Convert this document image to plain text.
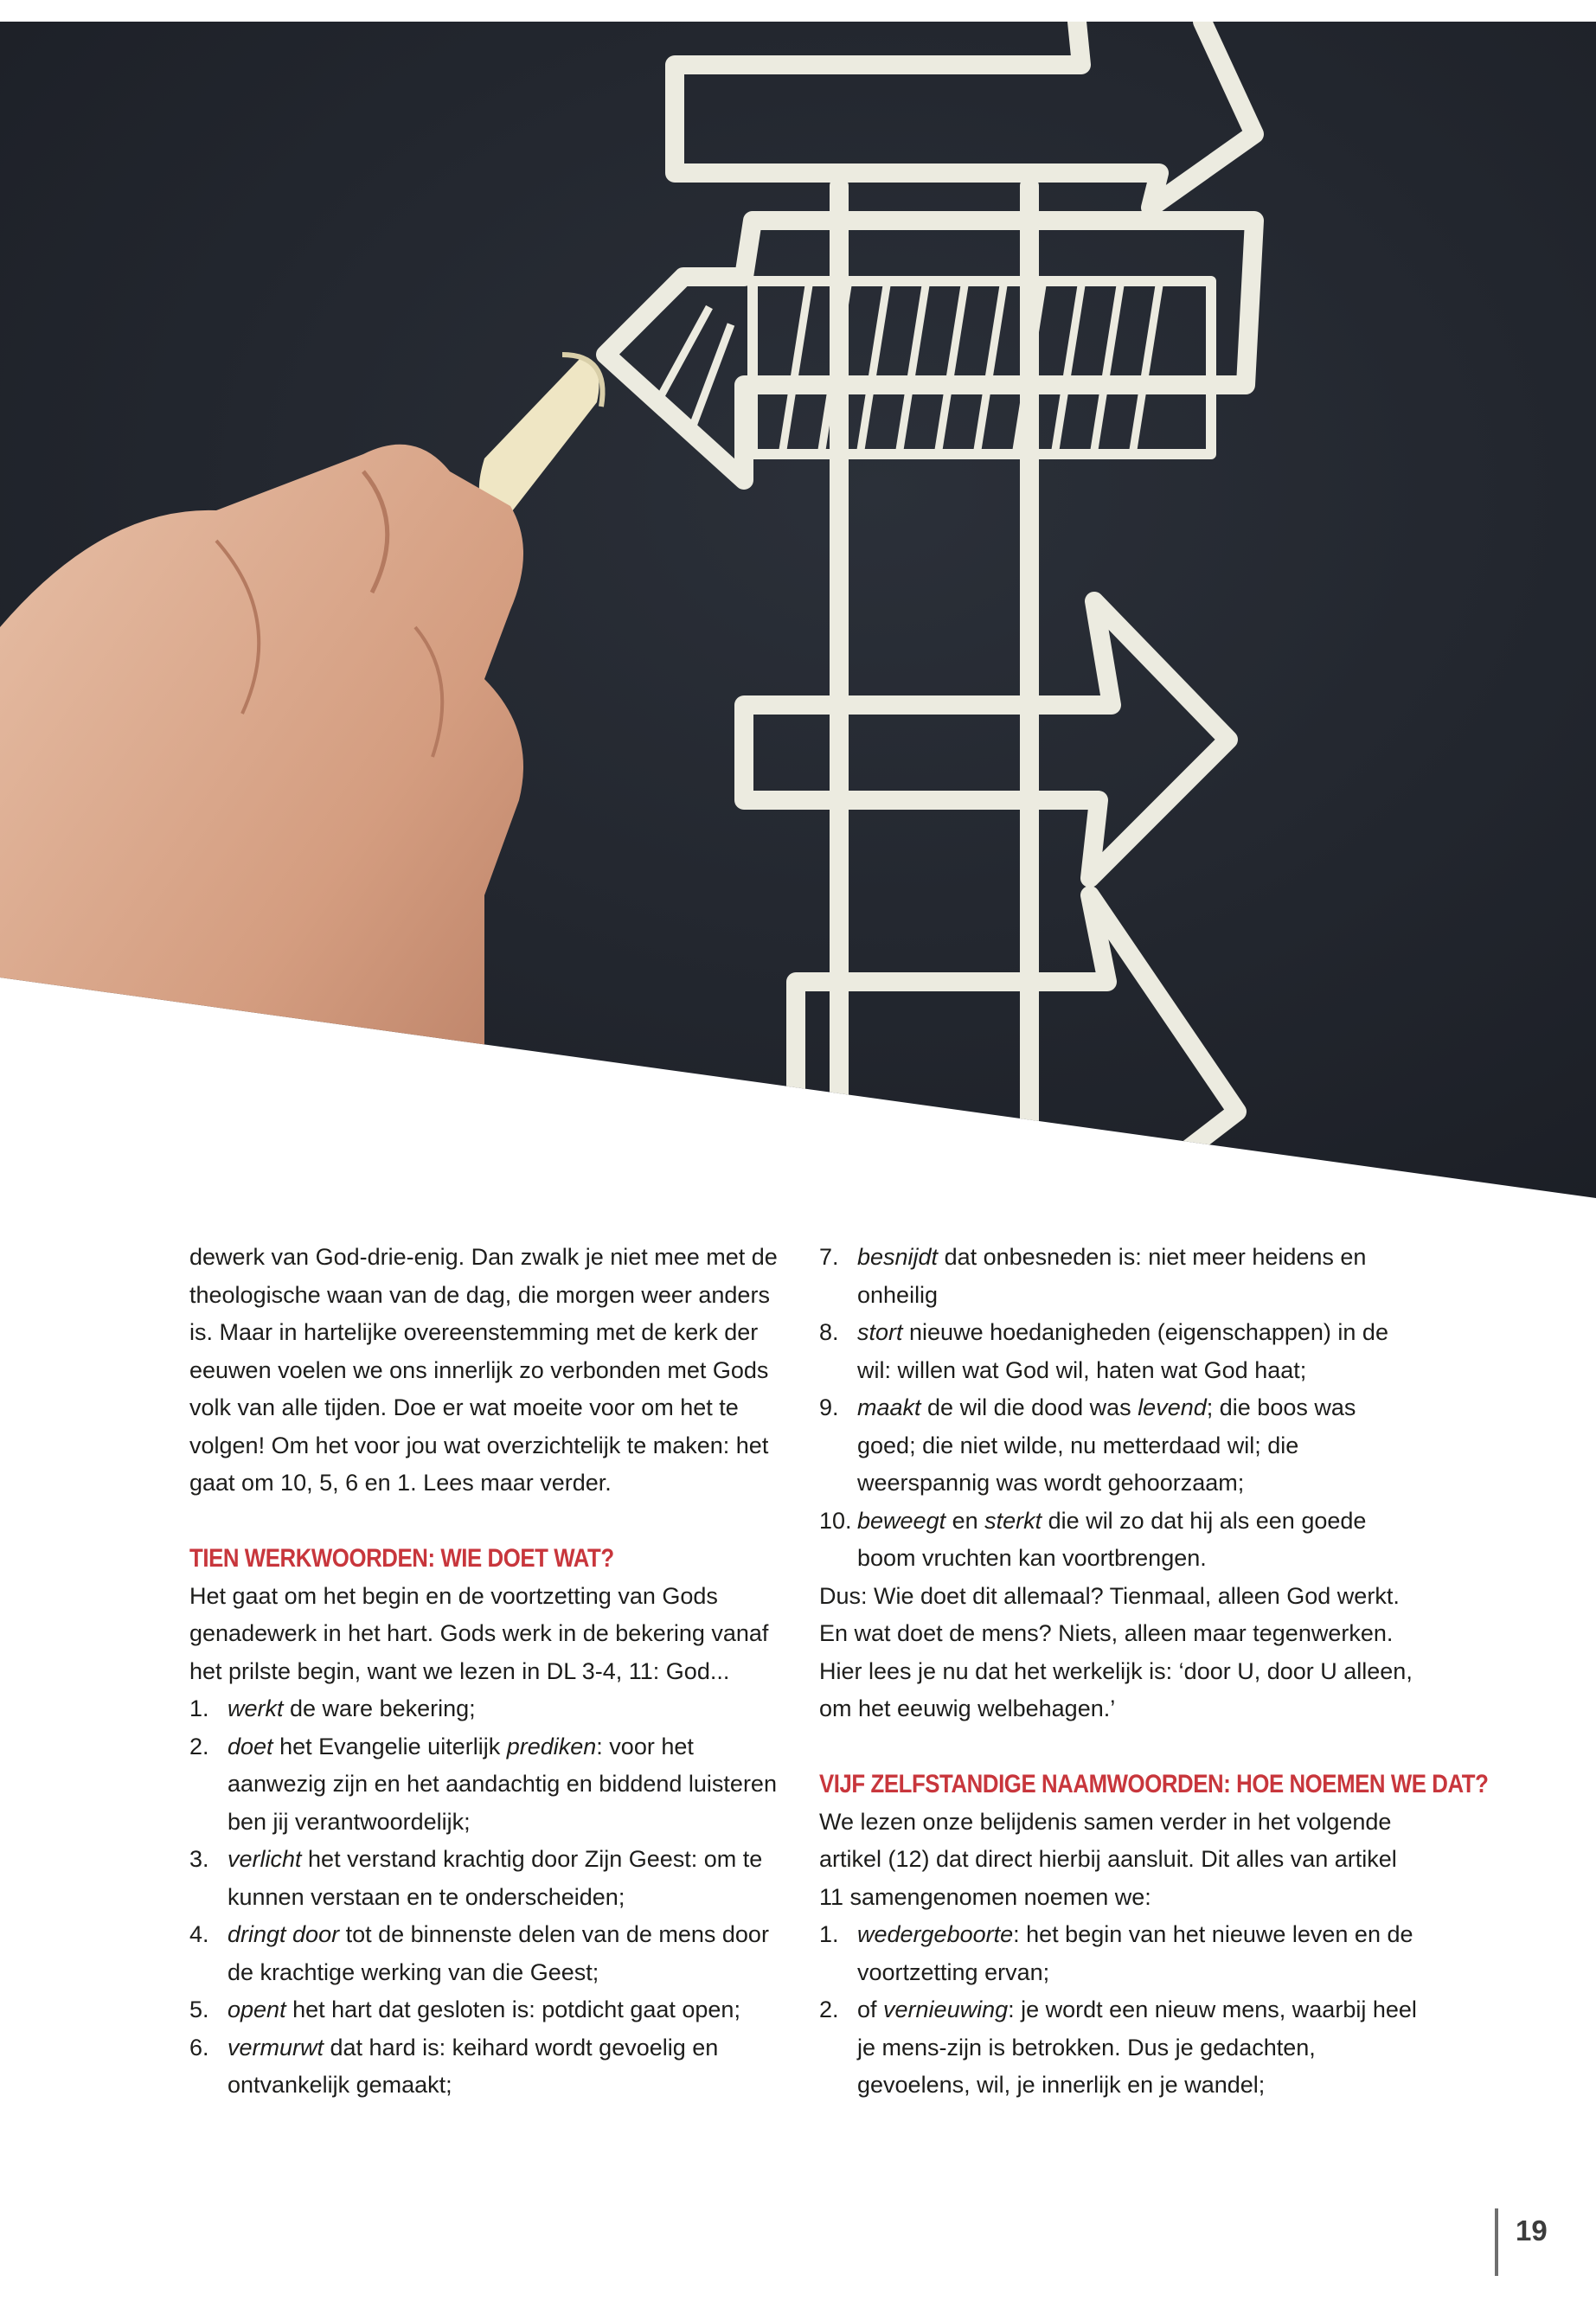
dewerk van God-drie-enig. Dan zwalk je niet mee met de theologische waan van de dag, die morgen weer anders is. Maar in hartelijke overeenstemming met de kerk der eeuwen voelen we ons innerlijk zo verbonden met Gods volk van alle tijden. Doe er wat moeite voor om het te volgen! Om het voor jou wat overzichtelijk te maken: het gaat om 10, 5, 6 en 1. Lees maar verder.

TIEN WERKWOORDEN: WIE DOET WAT?

Het gaat om het begin en de voortzetting van Gods genadewerk in het hart. Gods werk in de bekering vanaf het prilste begin, want we lezen in DL 3-4, 11: God...

1. werkt de ware bekering;
2. doet het Evangelie uiterlijk prediken: voor het aanwezig zijn en het aandachtig en biddend luisteren ben jij verantwoordelijk;
3. verlicht het verstand krachtig door Zijn Geest: om te kunnen verstaan en te onderscheiden;
4. dringt door tot de binnenste delen van de mens door de krachtige werking van die Geest;
5. opent het hart dat gesloten is: potdicht gaat open;
6. vermurwt dat hard is: keihard wordt gevoelig en ontvankelijk gemaakt;
7. besnijdt dat onbesneden is: niet meer heidens en onheilig
8. stort nieuwe hoedanigheden (eigenschappen) in de wil: willen wat God wil, haten wat God haat;
9. maakt de wil die dood was levend; die boos was goed; die niet wilde, nu metterdaad wil; die weerspannig was wordt gehoorzaam;
10. beweegt en sterkt die wil zo dat hij als een goede boom vruchten kan voortbrengen.

Dus: Wie doet dit allemaal? Tienmaal, alleen God werkt. En wat doet de mens? Niets, alleen maar tegenwerken. Hier lees je nu dat het werkelijk is: ‘door U, door U alleen, om het eeuwig welbehagen.’

VIJF ZELFSTANDIGE NAAMWOORDEN: HOE NOEMEN WE DAT?

We lezen onze belijdenis samen verder in het volgende artikel (12) dat direct hierbij aansluit. Dit alles van artikel 11 samengenomen noemen we:

1. wedergeboorte: het begin van het nieuwe leven en de voortzetting ervan;
2. of vernieuwing: je wordt een nieuw mens, waarbij heel je mens-zijn is betrokken. Dus je gedachten, gevoelens, wil, je innerlijk en je wandel;
19
